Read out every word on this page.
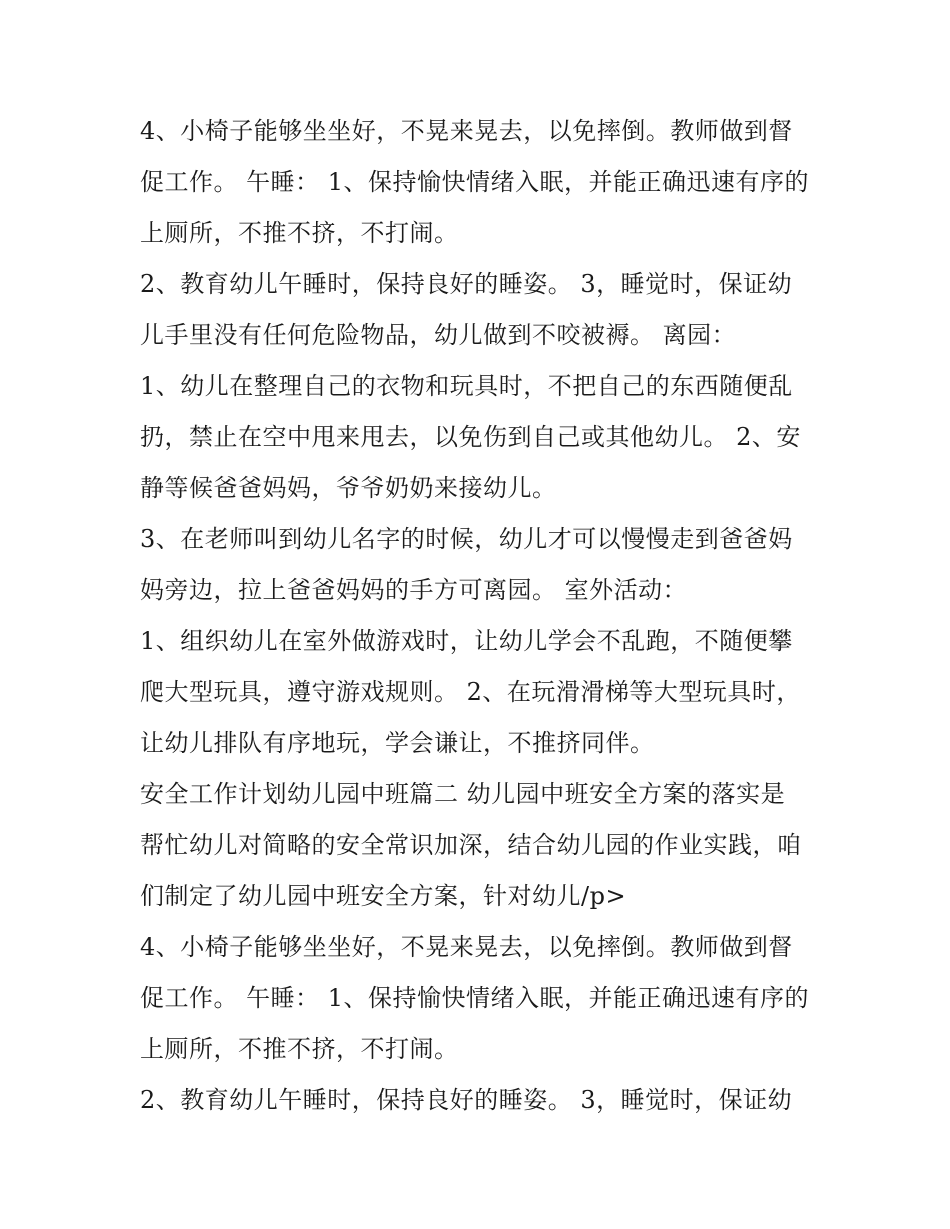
4、小椅子能够坐坐好，不晃来晃去，以免摔倒。教师做到督
促工作。 午睡： 1、保持愉快情绪入眠，并能正确迅速有序的
上厕所，不推不挤，不打闹。
2、教育幼儿午睡时，保持良好的睡姿。 3，睡觉时，保证幼
儿手里没有任何危险物品，幼儿做到不咬被褥。 离园：
1、幼儿在整理自己的衣物和玩具时，不把自己的东西随便乱
扔，禁止在空中甩来甩去，以免伤到自己或其他幼儿。 2、安
静等候爸爸妈妈，爷爷奶奶来接幼儿。
3、在老师叫到幼儿名字的时候，幼儿才可以慢慢走到爸爸妈
妈旁边，拉上爸爸妈妈的手方可离园。 室外活动：
1、组织幼儿在室外做游戏时，让幼儿学会不乱跑，不随便攀
爬大型玩具，遵守游戏规则。 2、在玩滑滑梯等大型玩具时，
让幼儿排队有序地玩，学会谦让，不推挤同伴。
安全工作计划幼儿园中班篇二 幼儿园中班安全方案的落实是
帮忙幼儿对简略的安全常识加深，结合幼儿园的作业实践，咱
们制定了幼儿园中班安全方案，针对幼儿/p>
4、小椅子能够坐坐好，不晃来晃去，以免摔倒。教师做到督
促工作。 午睡： 1、保持愉快情绪入眠，并能正确迅速有序的
上厕所，不推不挤，不打闹。
2、教育幼儿午睡时，保持良好的睡姿。 3，睡觉时，保证幼
